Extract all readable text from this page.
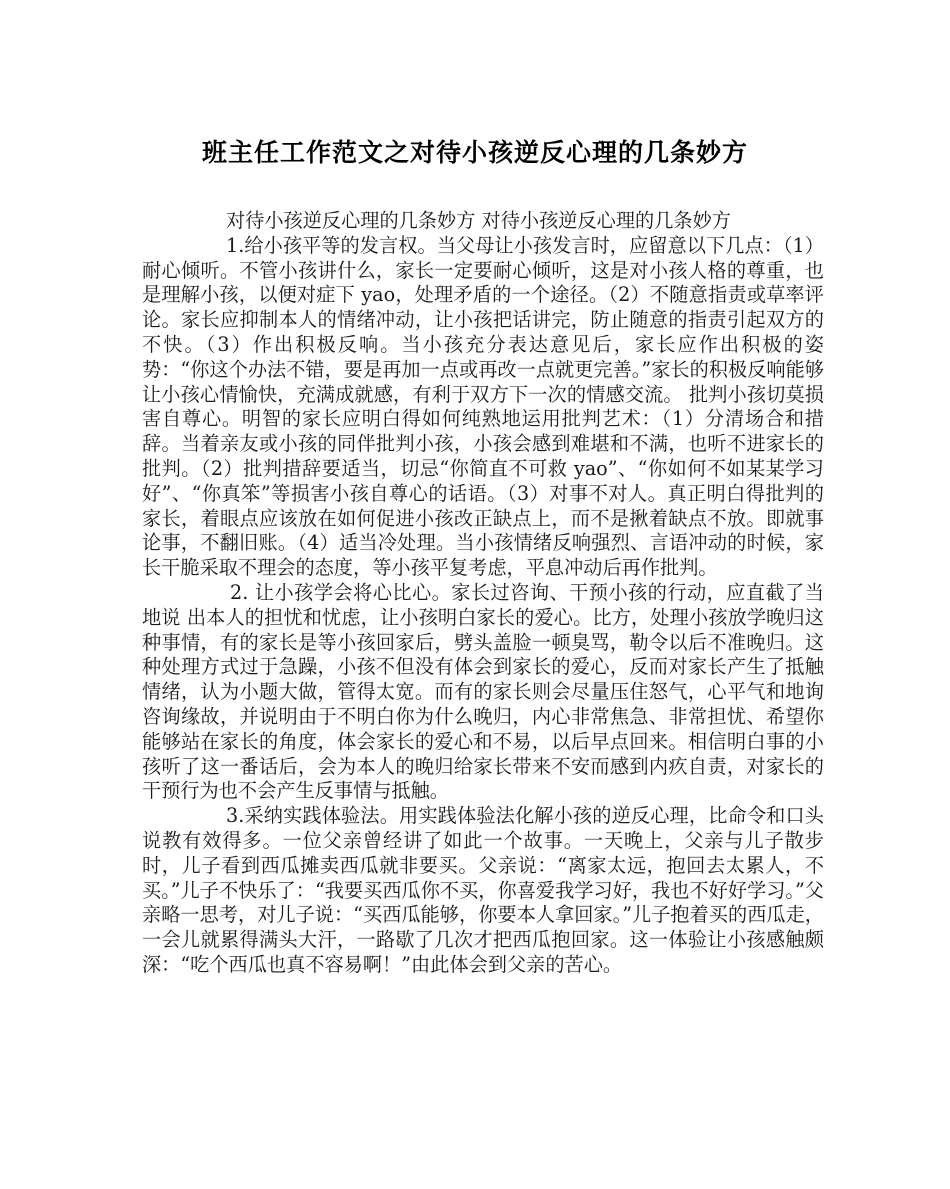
班主任工作范文之对待小孩逆反心理的几条妙方

对待小孩逆反心理的几条妙方 对待小孩逆反心理的几条妙方

1.给小孩平等的发言权。当父母让小孩发言时，应留意以下几点：（1）耐心倾听。不管小孩讲什么，家长一定要耐心倾听，这是对小孩人格的尊重，也是理解小孩，以便对症下 yao，处理矛盾的一个途径。（2）不随意指责或草率评论。家长应抑制本人的情绪冲动，让小孩把话讲完，防止随意的指责引起双方的不快。（3）作出积极反响。当小孩充分表达意见后，家长应作出积极的姿势：“你这个办法不错，要是再加一点或再改一点就更完善。”家长的积极反响能够让小孩心情愉快，充满成就感，有利于双方下一次的情感交流。 批判小孩切莫损害自尊心。明智的家长应明白得如何纯熟地运用批判艺术：（1）分清场合和措辞。当着亲友或小孩的同伴批判小孩，小孩会感到难堪和不满，也听不进家长的批判。（2）批判措辞要适当，切忌“你简直不可救 yao”、“你如何不如某某学习好”、“你真笨”等损害小孩自尊心的话语。（3）对事不对人。真正明白得批判的家长，着眼点应该放在如何促进小孩改正缺点上，而不是揪着缺点不放。即就事论事，不翻旧账。（4）适当冷处理。当小孩情绪反响强烈、言语冲动的时候，家长干脆采取不理会的态度，等小孩平复考虑，平息冲动后再作批判。

2. 让小孩学会将心比心。家长过咨询、干预小孩的行动，应直截了当地说 出本人的担忧和忧虑，让小孩明白家长的爱心。比方，处理小孩放学晚归这种事情，有的家长是等小孩回家后，劈头盖脸一顿臭骂，勒令以后不准晚归。这种处理方式过于急躁，小孩不但没有体会到家长的爱心，反而对家长产生了抵触情绪，认为小题大做，管得太宽。而有的家长则会尽量压住怒气，心平气和地询咨询缘故，并说明由于不明白你为什么晚归，内心非常焦急、非常担忧、希望你能够站在家长的角度，体会家长的爱心和不易，以后早点回来。相信明白事的小孩听了这一番话后，会为本人的晚归给家长带来不安而感到内疚自责，对家长的干预行为也不会产生反事情与抵触。

3.采纳实践体验法。用实践体验法化解小孩的逆反心理，比命令和口头说教有效得多。一位父亲曾经讲了如此一个故事。一天晚上，父亲与儿子散步时，儿子看到西瓜摊卖西瓜就非要买。父亲说：“离家太远，抱回去太累人，不买。”儿子不快乐了：“我要买西瓜你不买，你喜爱我学习好，我也不好好学习。”父亲略一思考，对儿子说：“买西瓜能够，你要本人拿回家。”儿子抱着买的西瓜走，一会儿就累得满头大汗，一路歇了几次才把西瓜抱回家。这一体验让小孩感触颇深：“吃个西瓜也真不容易啊！”由此体会到父亲的苦心。
